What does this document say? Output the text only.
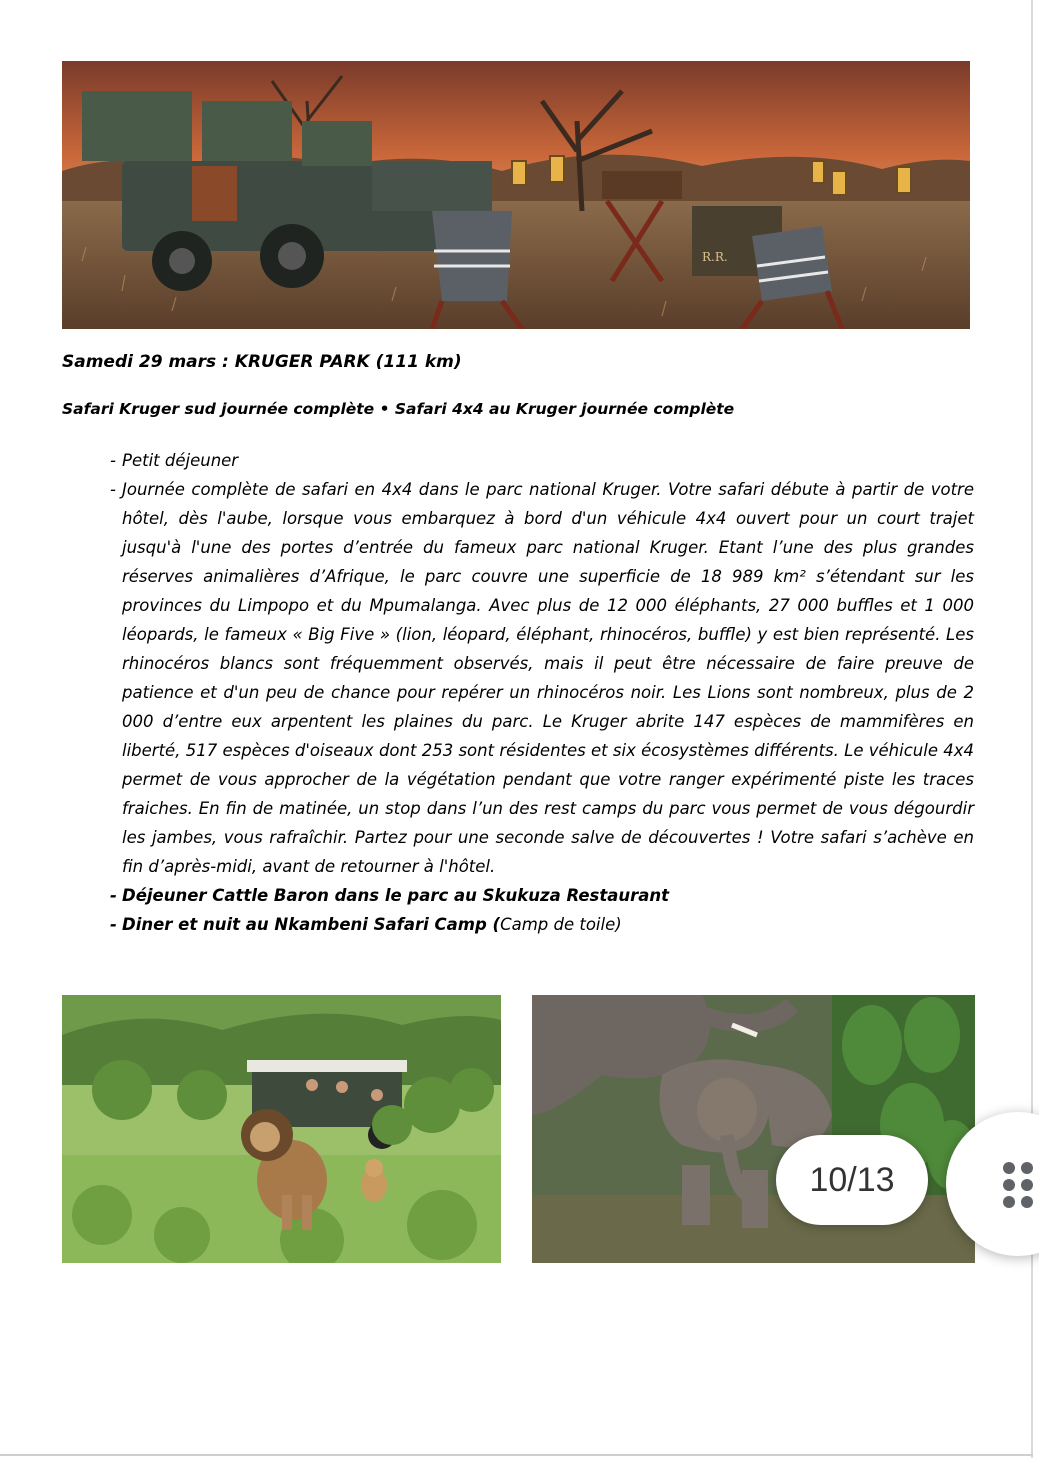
R.R.
Samedi 29 mars : KRUGER PARK (111 km)
Safari Kruger sud journée complète • Safari 4x4 au Kruger journée complète
- Petit déjeuner
- Journée complète de safari en 4x4 dans le parc national Kruger. Votre safari débute à partir de votre hôtel, dès l'aube, lorsque vous embarquez à bord d'un véhicule 4x4 ouvert pour un court trajet jusqu'à l'une des portes d’entrée du fameux parc national Kruger. Etant l’une des plus grandes réserves animalières d’Afrique, le parc couvre une superficie de 18 989 km² s’étendant sur les provinces du Limpopo et du Mpumalanga. Avec plus de 12 000 éléphants, 27 000 buffles et 1 000 léopards, le fameux « Big Five » (lion, léopard, éléphant, rhinocéros, buffle) y est bien représenté. Les rhinocéros blancs sont fréquemment observés, mais il peut être nécessaire de faire preuve de patience et d'un peu de chance pour repérer un rhinocéros noir. Les Lions sont nombreux, plus de 2 000 d’entre eux arpentent les plaines du parc. Le Kruger abrite 147 espèces de mammifères en liberté, 517 espèces d'oiseaux dont 253 sont résidentes et six écosystèmes différents. Le véhicule 4x4 permet de vous approcher de la végétation pendant que votre ranger expérimenté piste les traces fraiches. En fin de matinée, un stop dans l’un des rest camps du parc vous permet de vous dégourdir les jambes, vous rafraîchir. Partez pour une seconde salve de découvertes ! Votre safari s’achève en fin d’après-midi, avant de retourner à l'hôtel.
- Déjeuner Cattle Baron dans le parc au Skukuza Restaurant
- Diner et nuit au Nkambeni Safari Camp (Camp de toile)
10/13
